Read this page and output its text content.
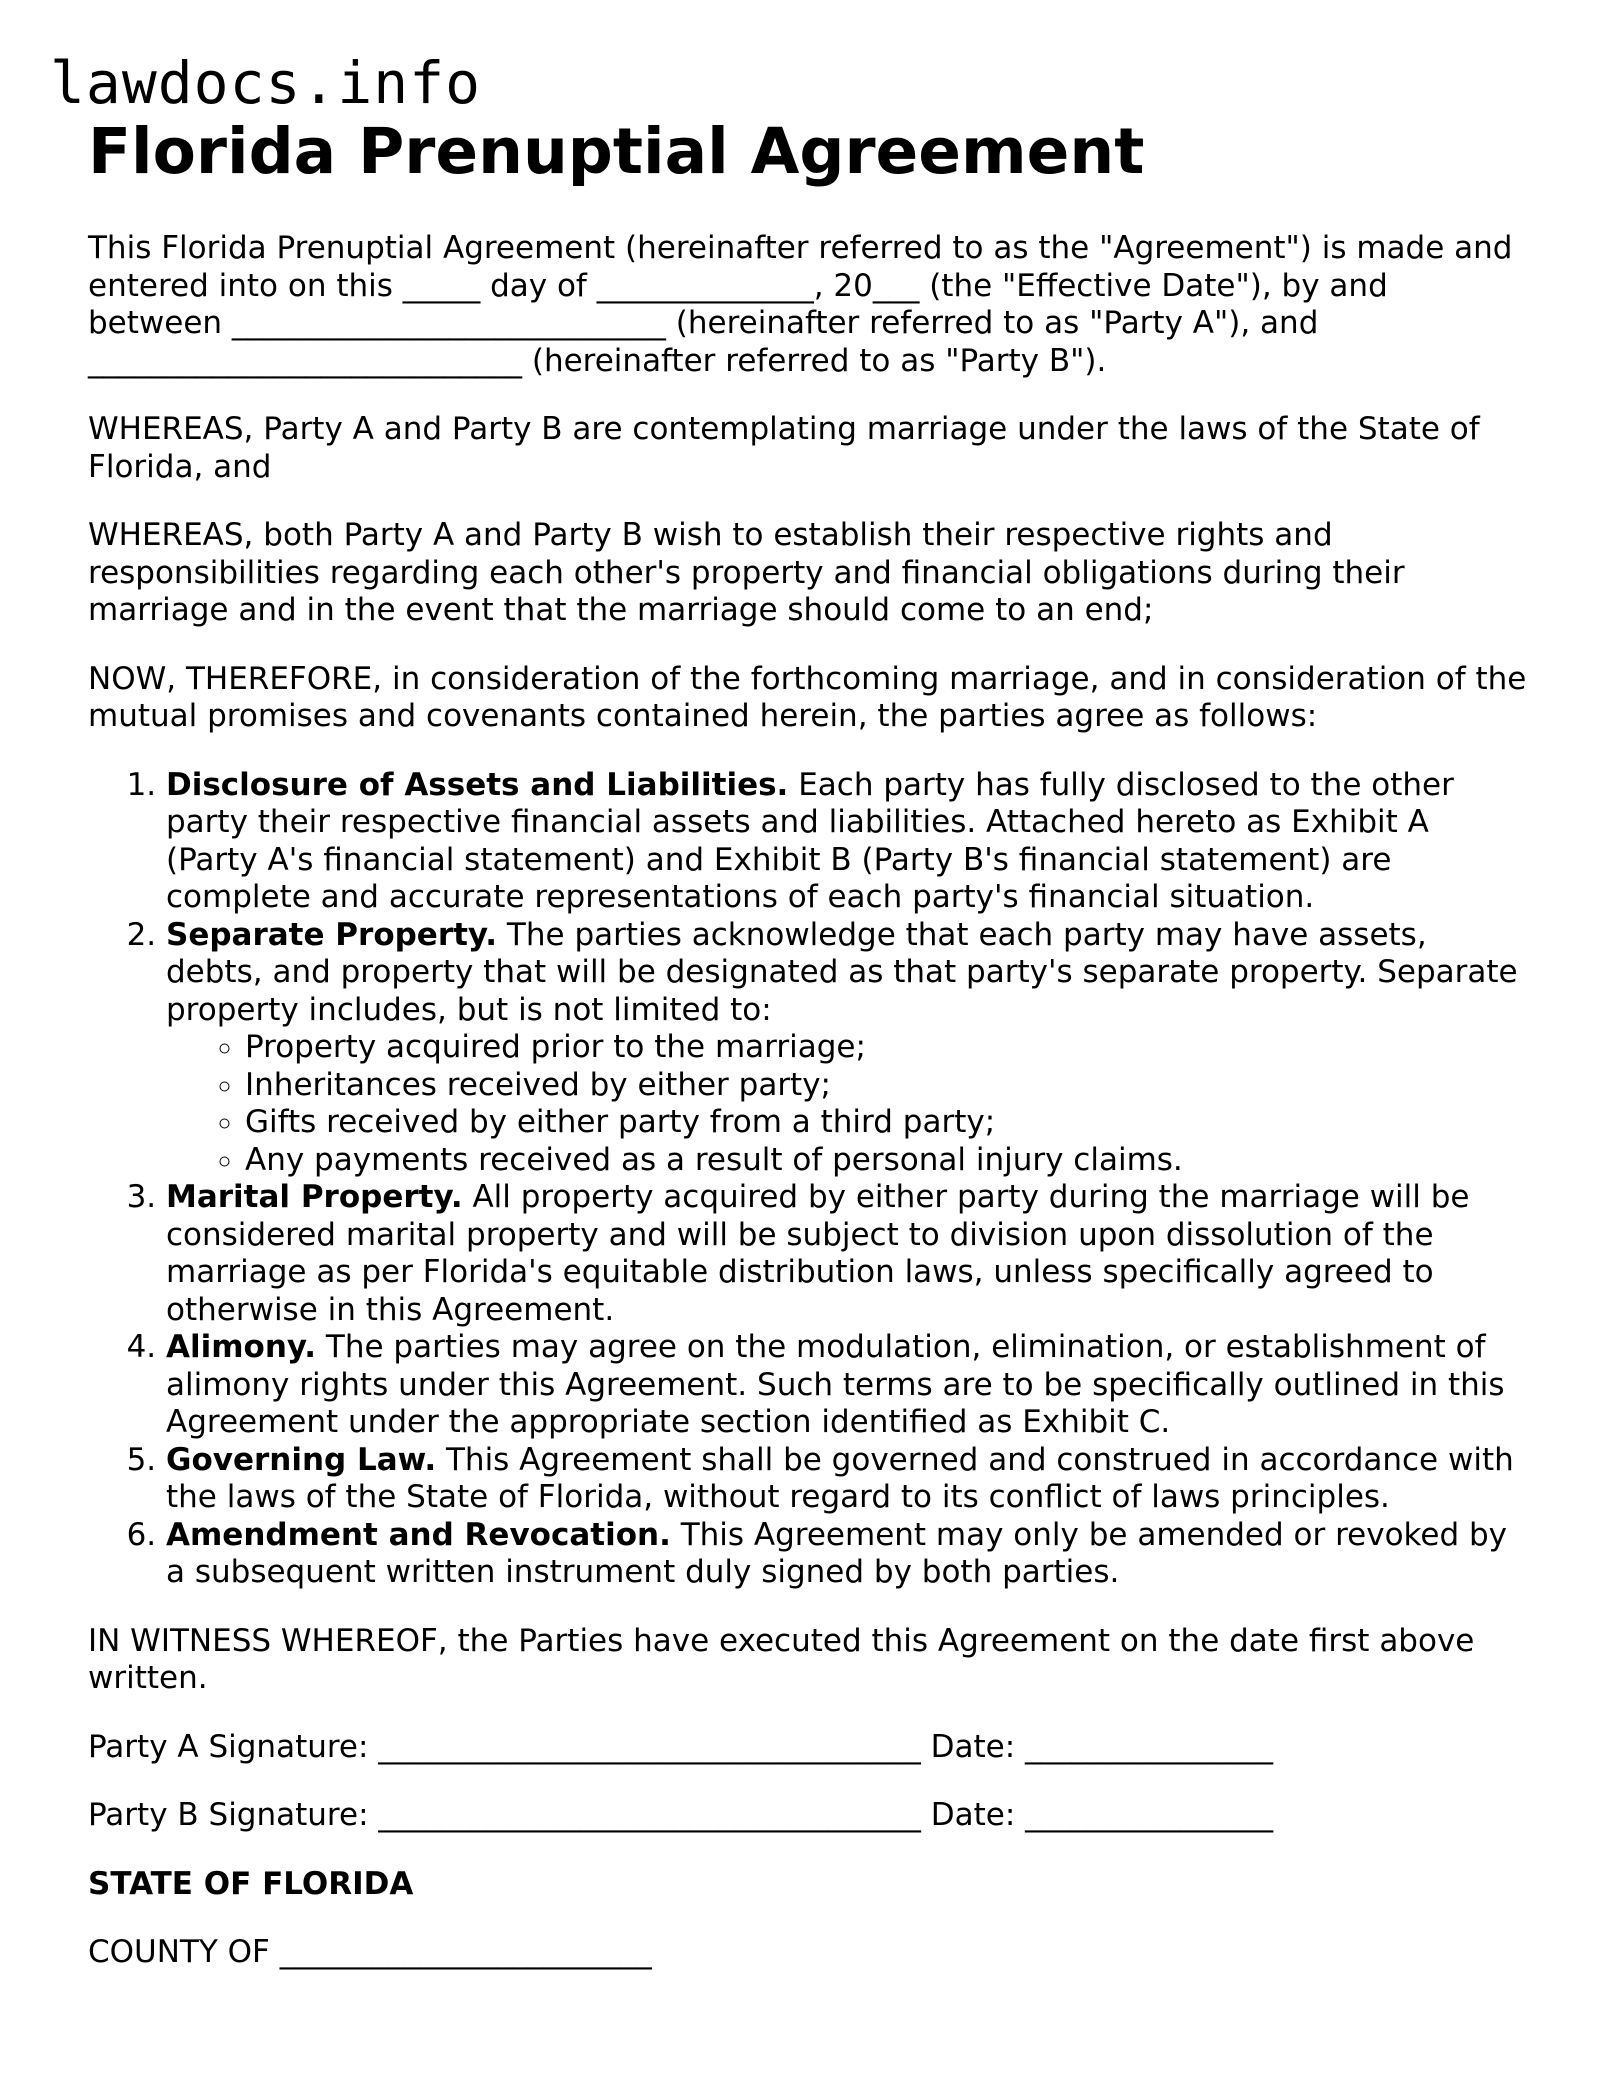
lawdocs.info
Florida Prenuptial Agreement

This Florida Prenuptial Agreement (hereinafter referred to as the "Agreement") is made and entered into on this _____ day of ______________, 20___ (the "Effective Date"), by and between ____________________________ (hereinafter referred to as "Party A"), and ____________________________ (hereinafter referred to as "Party B").

WHEREAS, Party A and Party B are contemplating marriage under the laws of the State of Florida, and

WHEREAS, both Party A and Party B wish to establish their respective rights and responsibilities regarding each other's property and financial obligations during their marriage and in the event that the marriage should come to an end;

NOW, THEREFORE, in consideration of the forthcoming marriage, and in consideration of the mutual promises and covenants contained herein, the parties agree as follows:

1. Disclosure of Assets and Liabilities. Each party has fully disclosed to the other party their respective financial assets and liabilities. Attached hereto as Exhibit A (Party A's financial statement) and Exhibit B (Party B's financial statement) are complete and accurate representations of each party's financial situation.
2. Separate Property. The parties acknowledge that each party may have assets, debts, and property that will be designated as that party's separate property. Separate property includes, but is not limited to:
◦ Property acquired prior to the marriage;
◦ Inheritances received by either party;
◦ Gifts received by either party from a third party;
◦ Any payments received as a result of personal injury claims.
3. Marital Property. All property acquired by either party during the marriage will be considered marital property and will be subject to division upon dissolution of the marriage as per Florida's equitable distribution laws, unless specifically agreed to otherwise in this Agreement.
4. Alimony. The parties may agree on the modulation, elimination, or establishment of alimony rights under this Agreement. Such terms are to be specifically outlined in this Agreement under the appropriate section identified as Exhibit C.
5. Governing Law. This Agreement shall be governed and construed in accordance with the laws of the State of Florida, without regard to its conflict of laws principles.
6. Amendment and Revocation. This Agreement may only be amended or revoked by a subsequent written instrument duly signed by both parties.

IN WITNESS WHEREOF, the Parties have executed this Agreement on the date first above written.

Party A Signature: ___________________________________ Date: ________________

Party B Signature: ___________________________________ Date: ________________

STATE OF FLORIDA

COUNTY OF ________________________
